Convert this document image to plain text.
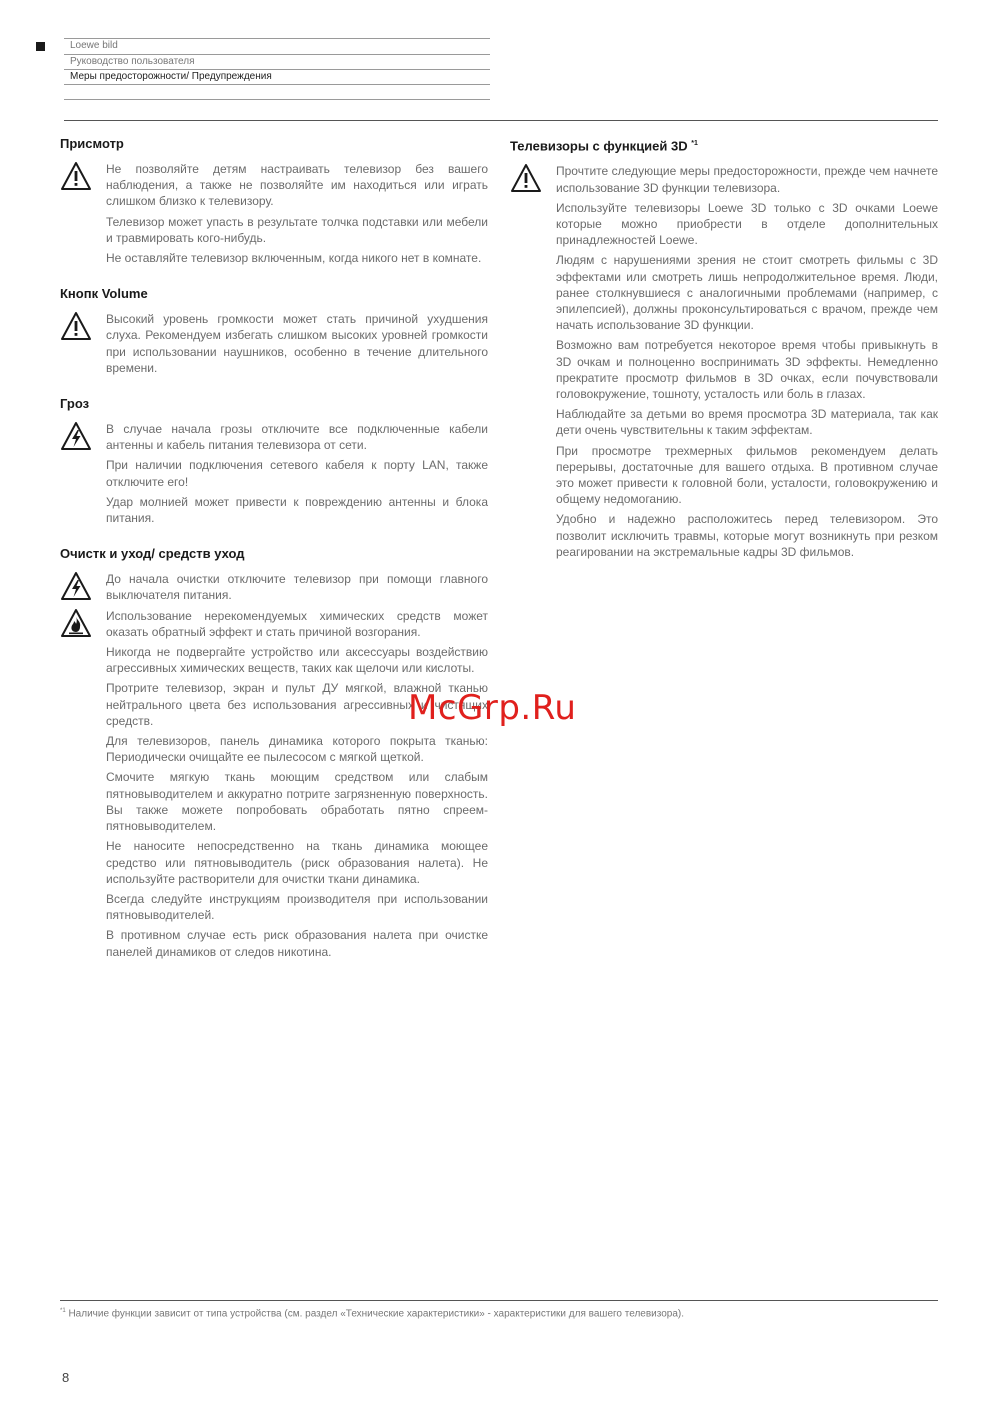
Loewe bild
Руководство пользователя
Меры предосторожности/ Предупреждения
Присмотр

Не позволяйте детям настраивать телевизор без вашего наблюдения, а также не позволяйте им находиться или играть слишком близко к телевизору.

Телевизор может упасть в результате толчка подставки или мебели и травмировать кого-нибудь.

Не оставляйте телевизор включенным, когда никого нет в комнате.

Кнопк Volume

Высокий уровень громкости может стать причиной ухудшения слуха. Рекомендуем избегать слишком высоких уровней громкости при использовании наушников, особенно в течение длительного времени.

Гроз

В случае начала грозы отключите все подключенные кабели антенны и кабель питания телевизора от сети.

При наличии подключения сетевого кабеля к порту LAN, также отключите его!

Удар молнией может привести к повреждению антенны и блока питания.

Очистк и уход/ средств уход

До начала очистки отключите телевизор при помощи главного выключателя питания.

Использование нерекомендуемых химических средств может оказать обратный эффект и стать причиной возгорания.

Никогда не подвергайте устройство или аксессуары воздействию агрессивных химических веществ, таких как щелочи или кислоты.

Протрите телевизор, экран и пульт ДУ мягкой, влажной тканью нейтрального цвета без использования агрессивных и чистящих средств.

Для телевизоров, панель динамика которого покрыта тканью: Периодически очищайте ее пылесосом с мягкой щеткой.

Смочите мягкую ткань моющим средством или слабым пятновыводителем и аккуратно потрите загрязненную поверхность. Вы также можете попробовать обработать пятно спреем-пятновыводителем.

Не наносите непосредственно на ткань динамика моющее средство или пятновыводитель (риск образования налета). Не используйте растворители для очистки ткани динамика.

Всегда следуйте инструкциям производителя при использовании пятновыводителей.

В противном случае есть риск образования налета при очистке панелей динамиков от следов никотина.

Телевизоры с функцией 3D $^{*1}$

Прочтите следующие меры предосторожности, прежде чем начнете использование 3D функции телевизора.

Используйте телевизоры Loewe 3D только с 3D очками Loewe которые можно приобрести в отделе дополнительных принадлежностей Loewe.

Людям с нарушениями зрения не стоит смотреть фильмы с 3D эффектами или смотреть лишь непродолжительное время. Люди, ранее столкнувшиеся с аналогичными проблемами (например, с эпилепсией), должны проконсультироваться с врачом, прежде чем начать использование 3D функции.

Возможно вам потребуется некоторое время чтобы привыкнуть в 3D очкам и полноценно воспринимать 3D эффекты. Немедленно прекратите просмотр фильмов в 3D очках, если почувствовали головокружение, тошноту, усталость или боль в глазах.

Наблюдайте за детьми во время просмотра 3D материала, так как дети очень чувствительны к таким эффектам.

При просмотре трехмерных фильмов рекомендуем делать перерывы, достаточные для вашего отдыха. В противном случае это может привести к головной боли, усталости, головокружению и общему недомоганию.

Удобно и надежно расположитесь перед телевизором. Это позволит исключить травмы, которые могут возникнуть при резком реагировании на экстремальные кадры 3D фильмов.

McGrp.Ru
$^{*1}$ Наличие функции зависит от типа устройства (см. раздел «Технические характеристики» - характеристики для вашего телевизора).
8
